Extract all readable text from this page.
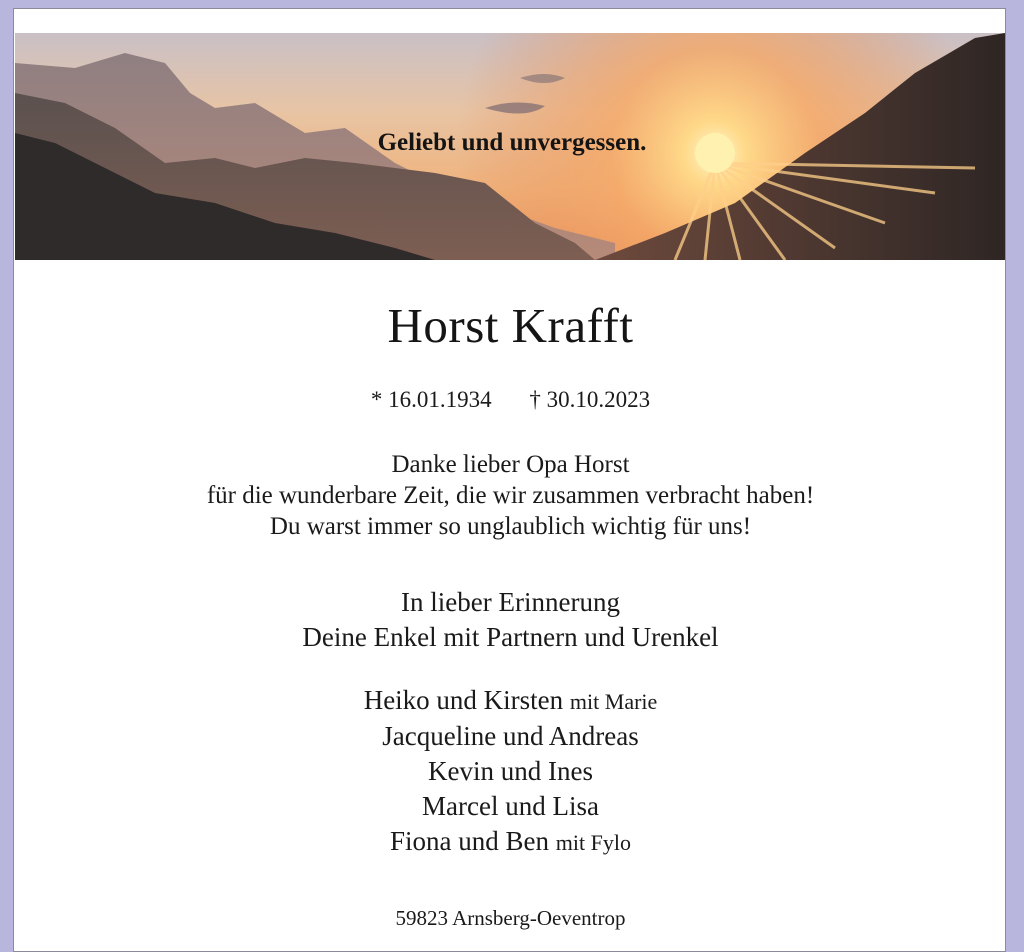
Geliebt und unvergessen.
Horst Krafft
* 16.01.1934 † 30.10.2023
Danke lieber Opa Horst
für die wunderbare Zeit, die wir zusammen verbracht haben!
Du warst immer so unglaublich wichtig für uns!
In lieber Erinnerung
Deine Enkel mit Partnern und Urenkel
Heiko und Kirsten mit Marie
Jacqueline und Andreas
Kevin und Ines
Marcel und Lisa
Fiona und Ben mit Fylo
59823 Arnsberg-Oeventrop
